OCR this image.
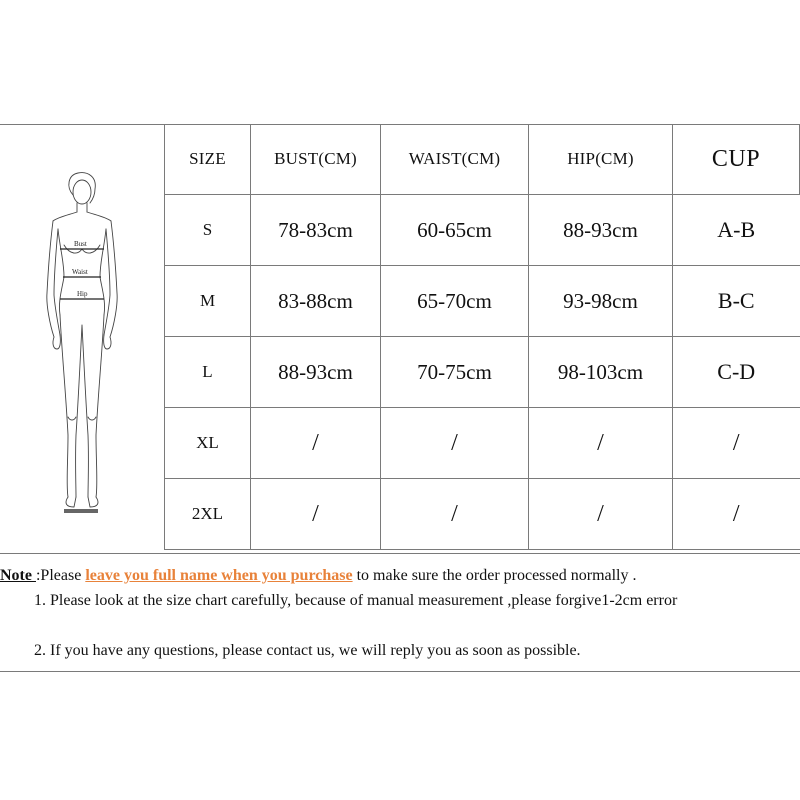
Bust
Waist
Hip
SIZE	BUST(CM)	WAIST(CM)	HIP(CM)	CUP
S	78-83cm	60-65cm	88-93cm	A-B
M	83-88cm	65-70cm	93-98cm	B-C
L	88-93cm	70-75cm	98-103cm	C-D
XL	/	/	/	/
2XL	/	/	/	/
Note :Please leave you full name when you purchase to make sure the order processed normally .
1. Please look at the size chart carefully, because of manual measurement ,please forgive1-2cm error
2. If you have any questions, please contact us, we will reply you as soon as possible.
